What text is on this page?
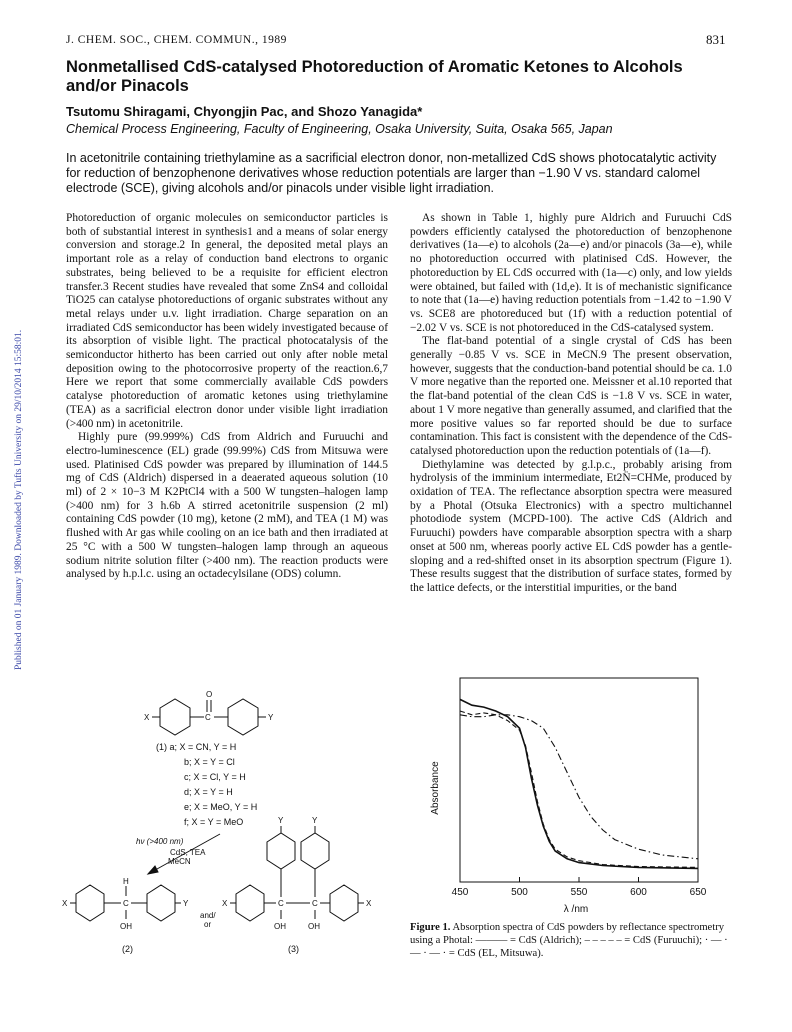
J. CHEM. SOC., CHEM. COMMUN., 1989	831
Published on 01 January 1989. Downloaded by Tufts University on 29/10/2014 15:58:01.
Nonmetallised CdS-catalysed Photoreduction of Aromatic Ketones to Alcohols and/or Pinacols
Tsutomu Shiragami, Chyongjin Pac, and Shozo Yanagida*
Chemical Process Engineering, Faculty of Engineering, Osaka University, Suita, Osaka 565, Japan
In acetonitrile containing triethylamine as a sacrificial electron donor, non-metallized CdS shows photocatalytic activity for reduction of benzophenone derivatives whose reduction potentials are larger than −1.90 V vs. standard calomel electrode (SCE), giving alcohols and/or pinacols under visible light irradiation.

Photoreduction of organic molecules on semiconductor particles is both of substantial interest in synthesis1 and a means of solar energy conversion and storage.2 In general, the deposited metal plays an important role as a relay of conduction band electrons to organic substrates, being believed to be a requisite for efficient electron transfer.3 Recent studies have revealed that some ZnS4 and colloidal TiO25 can catalyse photoreductions of organic substrates without any metal relays under u.v. light irradiation. Charge separation on an irradiated CdS semiconductor has been widely investigated because of its absorption of visible light. The practical photocatalysis of the semiconductor hitherto has been carried out only after noble metal deposition owing to the photocorrosive property of the reaction.6,7 Here we report that some commercially available CdS powders catalyse photoreduction of aromatic ketones using triethylamine (TEA) as a sacrificial electron donor under visible light irradiation (>400 nm) in acetonitrile.

Highly pure (99.999%) CdS from Aldrich and Furuuchi and electro-luminescence (EL) grade (99.99%) CdS from Mitsuwa were used. Platinised CdS powder was prepared by illumination of 144.5 mg of CdS (Aldrich) dispersed in a deaerated aqueous solution (10 ml) of 2 × 10−3 M K2PtCl4 with a 500 W tungsten–halogen lamp (>400 nm) for 3 h.6b A stirred acetonitrile suspension (2 ml) containing CdS powder (10 mg), ketone (2 mM), and TEA (1 M) was flushed with Ar gas while cooling on an ice bath and then irradiated at 25 °C with a 500 W tungsten–halogen lamp through an aqueous sodium nitrite solution filter (>400 nm). The reaction products were analysed by h.p.l.c. using an octadecylsilane (ODS) column.

As shown in Table 1, highly pure Aldrich and Furuuchi CdS powders efficiently catalysed the photoreduction of benzophenone derivatives (1a—e) to alcohols (2a—e) and/or pinacols (3a—e), while no photoreduction occurred with platinised CdS. However, the photoreduction by EL CdS occurred with (1a—c) only, and low yields were obtained, but failed with (1d,e). It is of mechanistic significance to note that (1a—e) having reduction potentials from −1.42 to −1.90 V vs. SCE8 are photoreduced but (1f) with a reduction potential of −2.02 V vs. SCE is not photoreduced in the CdS-catalysed system.

The flat-band potential of a single crystal of CdS has been generally −0.85 V vs. SCE in MeCN.9 The present observation, however, suggests that the conduction-band potential should be ca. 1.0 V more negative than the reported one. Meissner et al.10 reported that the flat-band potential of the clean CdS is −1.8 V vs. SCE in water, about 1 V more negative than generally assumed, and clarified that the more positive values so far reported should be due to surface contamination. This fact is consistent with the dependence of the CdS-catalysed photoreduction upon the reduction potentials of (1a—f).

Diethylamine was detected by g.l.p.c., probably arising from hydrolysis of the imminium intermediate, Et2N̈=CHMe, produced by oxidation of TEA. The reflectance absorption spectra were measured by a Photal (Otsuka Electronics) with a spectro multichannel photodiode system (MCPD-100). The active CdS (Aldrich and Furuuchi) powders have comparable absorption spectra with a sharp onset at 500 nm, whereas poorly active EL CdS powder has a gentle-sloping and a red-shifted onset in its absorption spectrum (Figure 1). These results suggest that the distribution of surface states, formed by the lattice defects, or the interstitial impurities, or the band

X	C
O
Y
(1) a; X = CN, Y = H
b; X = Y = Cl
c; X = Cl, Y = H
d; X = Y = H
e; X = MeO, Y = H
f; X = Y = MeO
hν (>400 nm)
CdS, TEA
MeCN
X	C
H
OH
Y
and/
or
X	C	C	X
Y	Y
OH	OH
(2)	(3)
450	500	550	600	650
Absorbance
λ /nm
Figure 1. Absorption spectra of CdS powders by reflectance spectrometry using a Photal: ——— = CdS (Aldrich); – – – – – = CdS (Furuuchi); · — · — · — · = CdS (EL, Mitsuwa).
